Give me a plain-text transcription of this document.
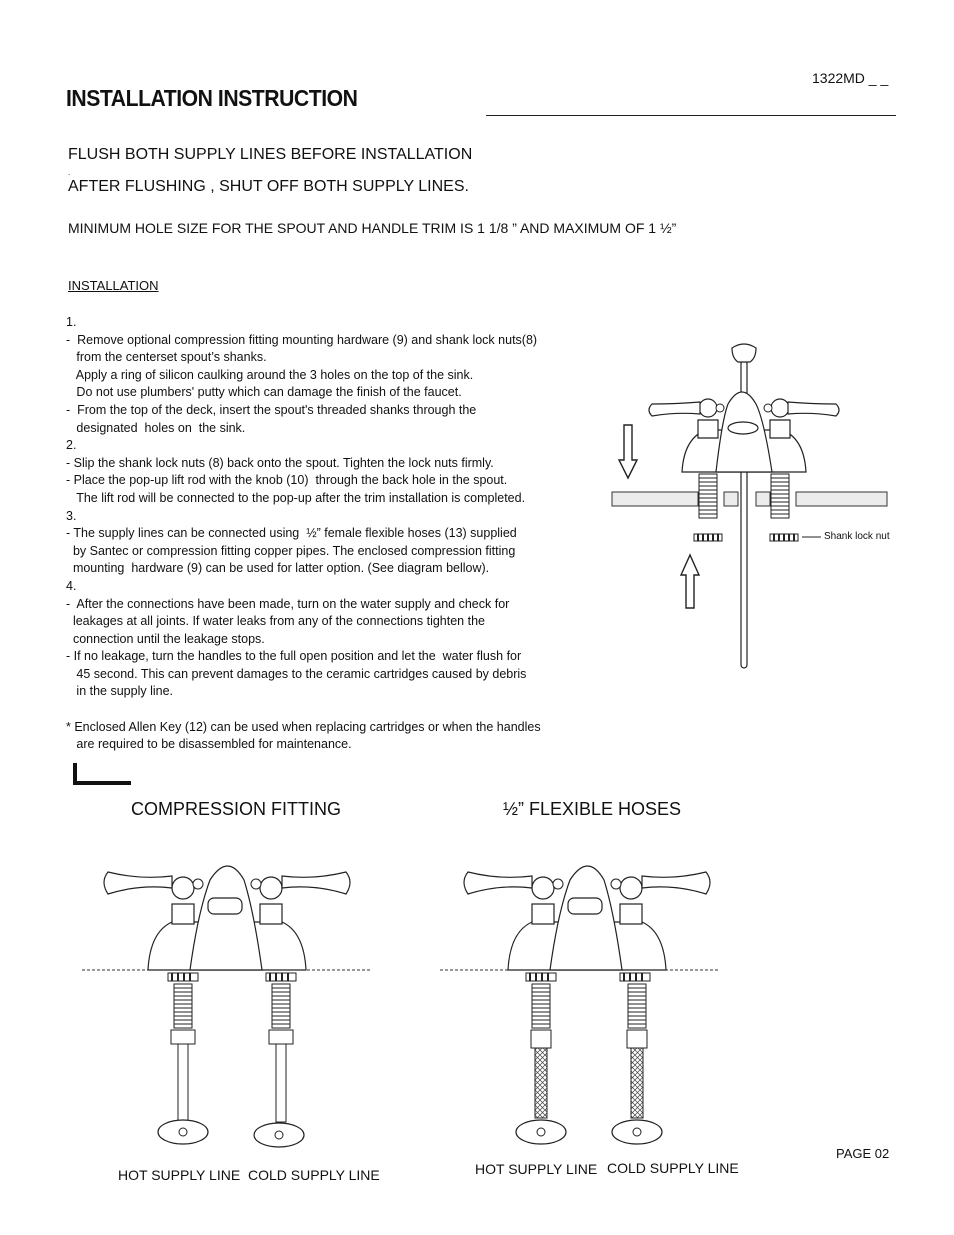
1322MD _ _
INSTALLATION INSTRUCTION
FLUSH BOTH SUPPLY LINES BEFORE INSTALLATION
.
AFTER FLUSHING , SHUT OFF BOTH SUPPLY LINES.
MINIMUM HOLE SIZE FOR THE SPOUT AND HANDLE TRIM IS 1 1/8 ” AND MAXIMUM OF 1 ½”
INSTALLATION
1.
-  Remove optional compression fitting mounting hardware (9) and shank lock nuts(8)
from the centerset spout’s shanks.
Apply a ring of silicon caulking around the 3 holes on the top of the sink.
Do not use plumbers' putty which can damage the finish of the faucet.
-  From the top of the deck, insert the spout's threaded shanks through the
designated  holes on  the sink.
2.
- Slip the shank lock nuts (8) back onto the spout. Tighten the lock nuts firmly.
- Place the pop-up lift rod with the knob (10)  through the back hole in the spout.
The lift rod will be connected to the pop-up after the trim installation is completed.
3.
- The supply lines can be connected using  ½” female flexible hoses (13) supplied
by Santec or compression fitting copper pipes. The enclosed compression fitting
mounting  hardware (9) can be used for latter option. (See diagram bellow).
4.
-  After the connections have been made, turn on the water supply and check for
leakages at all joints. If water leaks from any of the connections tighten the
connection until the leakage stops.
- If no leakage, turn the handles to the full open position and let the  water flush for
45 second. This can prevent damages to the ceramic cartridges caused by debris
in the supply line.
* Enclosed Allen Key (12) can be used when replacing cartridges or when the handles
are required to be disassembled for maintenance.
COMPRESSION FITTING	½” FLEXIBLE HOSES
HOT SUPPLY LINE COLD SUPPLY LINE	HOT SUPPLY LINE COLD SUPPLY LINE
Shank lock nut
PAGE 02
